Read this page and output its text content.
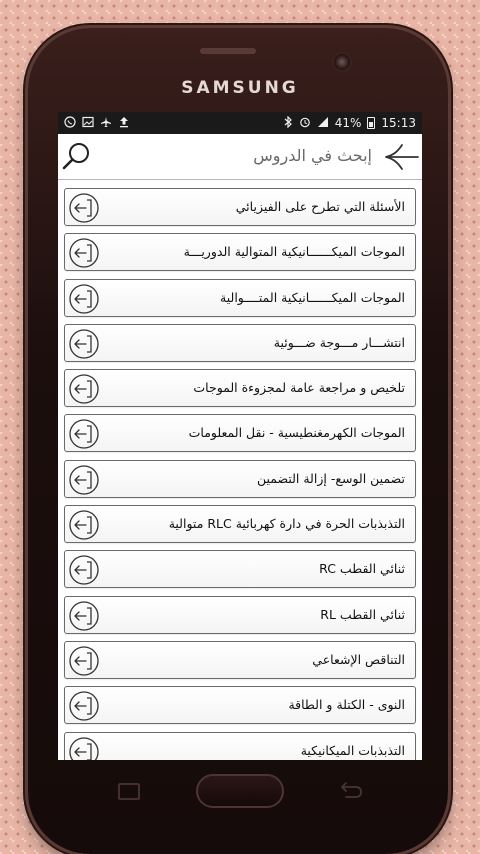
SAMSUNG
41% 15:13
إبحث في الدروس
الأسئلة التي تطرح على الفيزيائي
الموجات الميكــــــانيكية المتوالية الدوريـــة
الموجات الميكــــــانيكية المتــــوالية
انتشـــار مـــوجة ضـــوئية
تلخيص و مراجعة عامة لمجزوءة الموجات
الموجات الكهرمغنطيسية - نقل المعلومات
تضمين الوسع- إزالة التضمين
التذبذبات الحرة في دارة كهربائية RLC متوالية
ثنائي القطب RC
ثنائي القطب RL
التناقص الإشعاعي
النوى - الكتلة و الطاقة
التذبذبات الميكانيكية
